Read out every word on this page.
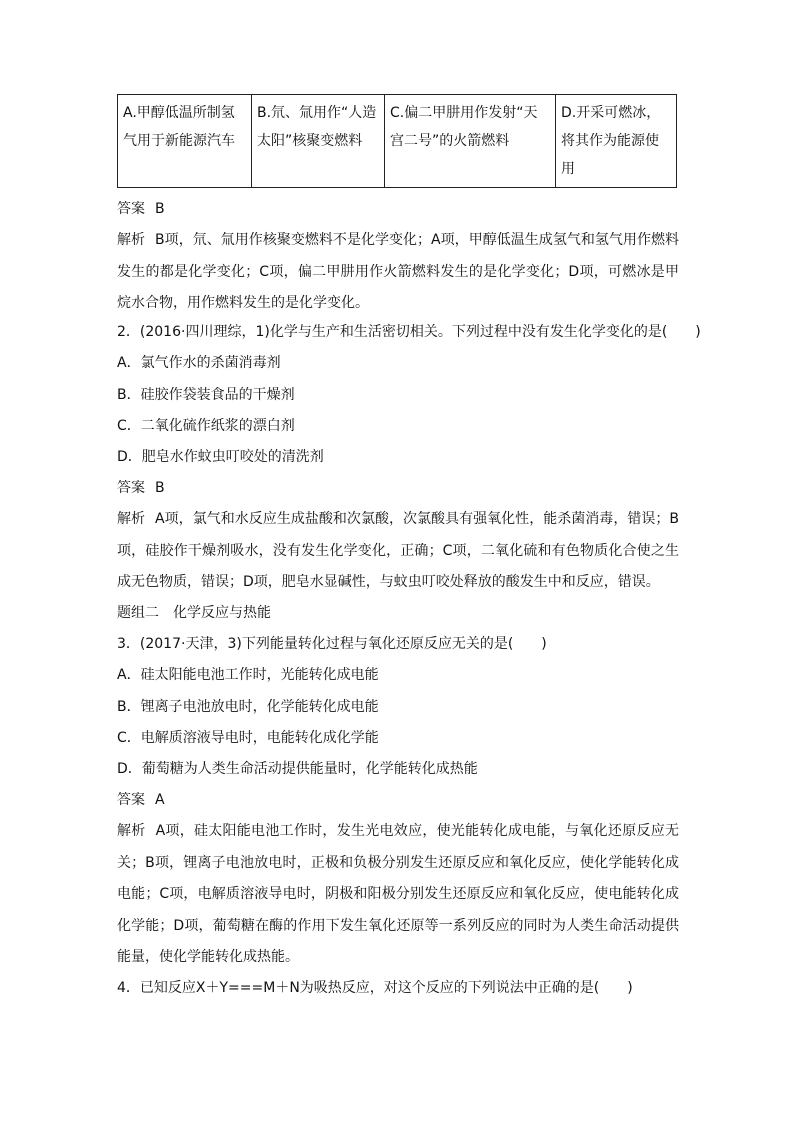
A.甲醇低温所制氢气用于新能源汽车	B.氘、氚用作“人造太阳”核聚变燃料	C.偏二甲肼用作发射“天宫二号”的火箭燃料	D.开采可燃冰，将其作为能源使用
答案 B
解析 B项，氘、氚用作核聚变燃料不是化学变化；A项，甲醇低温生成氢气和氢气用作燃料发生的都是化学变化；C项，偏二甲肼用作火箭燃料发生的是化学变化；D项，可燃冰是甲烷水合物，用作燃料发生的是化学变化。
2．(2016·四川理综，1)化学与生产和生活密切相关。下列过程中没有发生化学变化的是(　　)
A．氯气作水的杀菌消毒剂
B．硅胶作袋装食品的干燥剂
C．二氧化硫作纸浆的漂白剂
D．肥皂水作蚊虫叮咬处的清洗剂
答案 B
解析 A项，氯气和水反应生成盐酸和次氯酸，次氯酸具有强氧化性，能杀菌消毒，错误；B项，硅胶作干燥剂吸水，没有发生化学变化，正确；C项，二氧化硫和有色物质化合使之生成无色物质，错误；D项，肥皂水显碱性，与蚊虫叮咬处释放的酸发生中和反应，错误。
题组二　化学反应与热能
3．(2017·天津，3)下列能量转化过程与氧化还原反应无关的是(　　)
A．硅太阳能电池工作时，光能转化成电能
B．锂离子电池放电时，化学能转化成电能
C．电解质溶液导电时，电能转化成化学能
D．葡萄糖为人类生命活动提供能量时，化学能转化成热能
答案 A
解析 A项，硅太阳能电池工作时，发生光电效应，使光能转化成电能，与氧化还原反应无关；B项，锂离子电池放电时，正极和负极分别发生还原反应和氧化反应，使化学能转化成电能；C项，电解质溶液导电时，阴极和阳极分别发生还原反应和氧化反应，使电能转化成化学能；D项，葡萄糖在酶的作用下发生氧化还原等一系列反应的同时为人类生命活动提供能量，使化学能转化成热能。
4．已知反应X＋Y===M＋N为吸热反应，对这个反应的下列说法中正确的是(　　)
